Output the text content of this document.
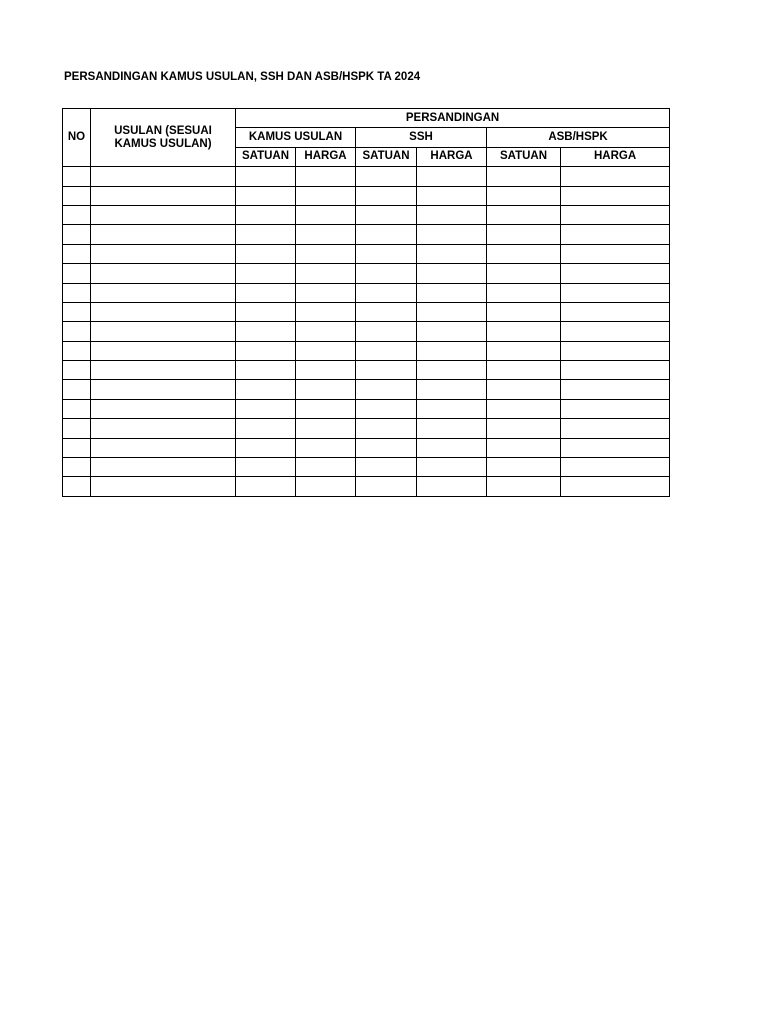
PERSANDINGAN KAMUS USULAN, SSH DAN ASB/HSPK TA 2024
NO	USULAN (SESUAI KAMUS USULAN)	PERSANDINGAN					
		KAMUS USULAN		SSH		ASB/HSPK	
		SATUAN	HARGA	SATUAN	HARGA	SATUAN	HARGA
